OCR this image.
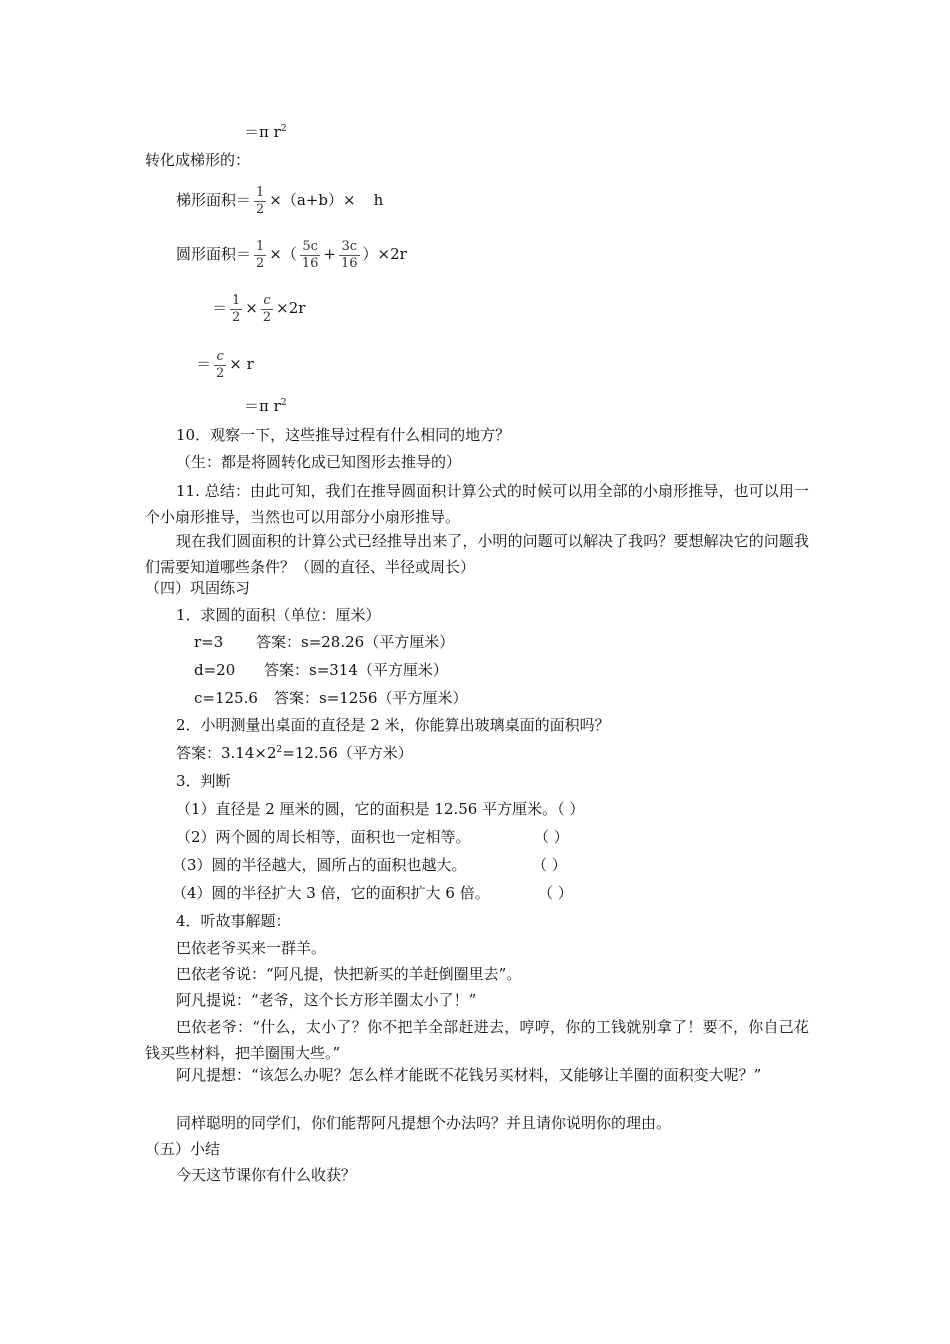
＝π $r^2$
转化成梯形的：
梯形面积＝ $\frac{1}{2} \times(a+b)\times h$
圆形面积＝ $\frac{1}{2}$ ×（ $\frac{5c}{16} + \frac{3c}{16} )\times 2r$
＝ $\frac{1}{2} \times \frac{c}{2} \times 2r$
＝ $\frac{c}{2} \times r$
＝π $r^2$
10．观察一下，这些推导过程有什么相同的地方？
（生：都是将圆转化成已知图形去推导的）
11. 总结：由此可知，我们在推导圆面积计算公式的时候可以用全部的小扇形推导，也可以用一个小扇形推导，当然也可以用部分小扇形推导。
现在我们圆面积的计算公式已经推导出来了，小明的问题可以解决了我吗？要想解决它的问题我们需要知道哪些条件？（圆的直径、半径或周长）
（四）巩固练习
1．求圆的面积（单位：厘米）
r=3 答案：s=28.26（平方厘米）
d=20 答案：s=314（平方厘米）
c=125.6 答案：s=1256（平方厘米）
2．小明测量出桌面的直径是 2 米，你能算出玻璃桌面的面积吗？
答案：$3.14\times 2^2=12.56$（平方米）
3．判断
（1）直径是 2 厘米的圆，它的面积是 12.56 平方厘米。（ ）
（2）两个圆的周长相等，面积也一定相等。	（ ）
（3）圆的半径越大，圆所占的面积也越大。	（ ）
（4）圆的半径扩大 3 倍，它的面积扩大 6 倍。	（ ）
4．听故事解题：
巴依老爷买来一群羊。
巴依老爷说：“阿凡提，快把新买的羊赶倒圈里去”。
阿凡提说：“老爷，这个长方形羊圈太小了！”
巴依老爷：“什么，太小了？你不把羊全部赶进去，哼哼，你的工钱就别拿了！要不，你自己花钱买些材料，把羊圈围大些。”
阿凡提想：“该怎么办呢？怎么样才能既不花钱另买材料，又能够让羊圈的面积变大呢？”
同样聪明的同学们，你们能帮阿凡提想个办法吗？并且请你说明你的理由。
（五）小结
今天这节课你有什么收获？
